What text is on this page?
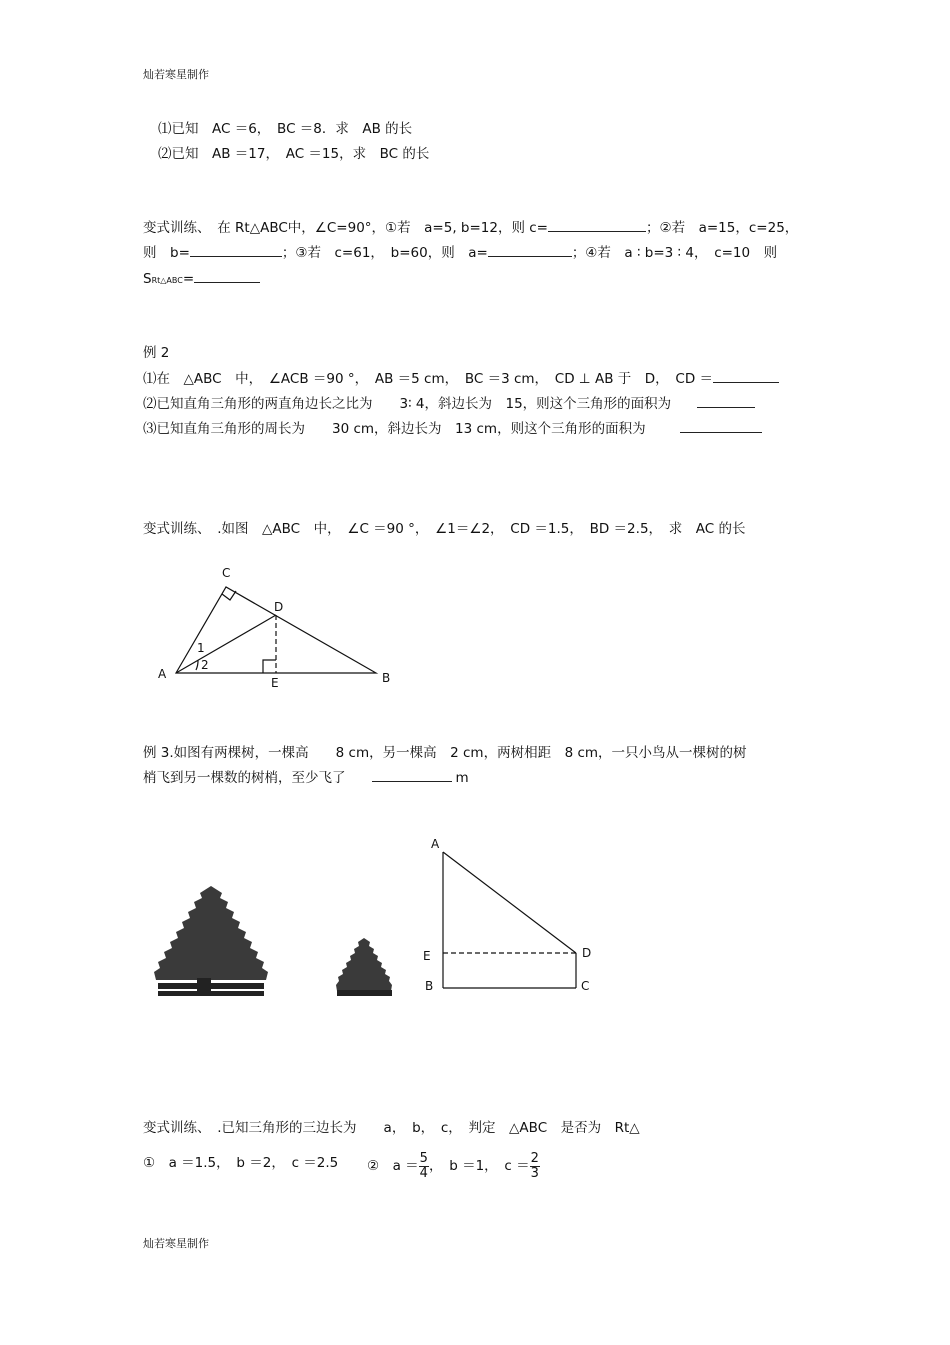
灿若寒星制作
⑴已知　AC ＝6，　BC ＝8．求　AB 的长
⑵已知　AB ＝17，　AC ＝15，求　BC 的长
变式训练、　在 Rt△ABC中，∠C=90°，①若　a=5, b=12，则 c=	；②若　a=15，c=25，
则　b=	；③若　c=61，　b=60，则　a=	；④若　a ∶ b=3 ∶ 4，　c=10　则
SRt△ABC=
例 2
⑴在　△ABC　中，　∠ACB ＝90 °，　AB ＝5 cm，　BC ＝3 cm，　CD ⊥ AB 于　D，　CD ＝
⑵已知直角三角形的两直角边长之比为　　3∶ 4，斜边长为　15，则这个三角形的面积为
⑶已知直角三角形的周长为　　30 cm，斜边长为　13 cm，则这个三角形的面积为
变式训练、　.如图　△ABC　中，　∠C ＝90 °，　∠1＝∠2，　CD ＝1.5，　BD ＝2.5，　求　AC 的长
C
D
A	B
E
1
2
例 3.如图有两棵树，一棵高　　8 cm，另一棵高　2 cm，两树相距　8 cm，一只小鸟从一棵树的树
梢飞到另一棵数的树梢，至少飞了	m
A
E
B
D
C
变式训练、　.已知三角形的三边长为　　a，　b，　c，　判定　△ABC　是否为　Rt△
①　a ＝1.5，　b ＝2，　c ＝2.5 ②　$a = \frac{5}{4}$ ，　b ＝1，　$c = \frac{2}{3}$
灿若寒星制作
